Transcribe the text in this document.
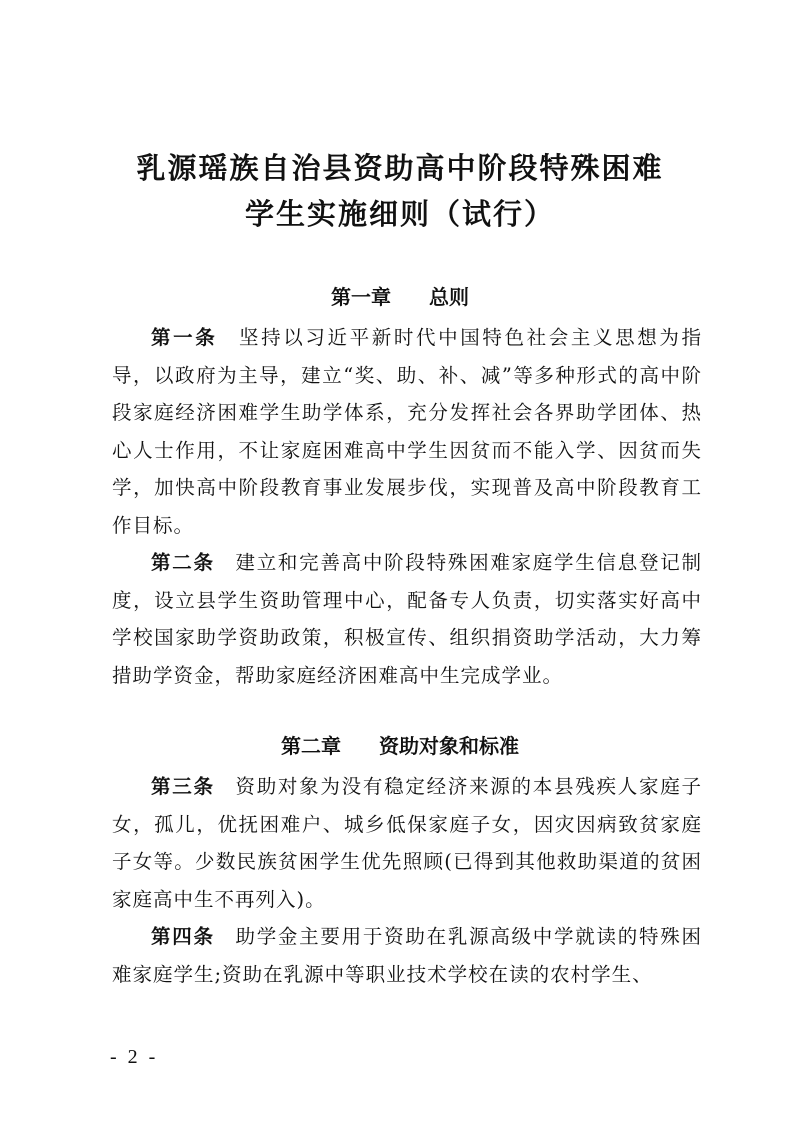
乳源瑶族自治县资助高中阶段特殊困难
学生实施细则（试行）
第一章 总则
第一条 坚持以习近平新时代中国特色社会主义思想为指导，以政府为主导，建立“奖、助、补、减”等多种形式的高中阶段家庭经济困难学生助学体系，充分发挥社会各界助学团体、热心人士作用，不让家庭困难高中学生因贫而不能入学、因贫而失学，加快高中阶段教育事业发展步伐，实现普及高中阶段教育工作目标。
第二条 建立和完善高中阶段特殊困难家庭学生信息登记制度，设立县学生资助管理中心，配备专人负责，切实落实好高中学校国家助学资助政策，积极宣传、组织捐资助学活动，大力筹措助学资金，帮助家庭经济困难高中生完成学业。
第二章 资助对象和标准
第三条 资助对象为没有稳定经济来源的本县残疾人家庭子女，孤儿，优抚困难户、城乡低保家庭子女，因灾因病致贫家庭子女等。少数民族贫困学生优先照顾(已得到其他救助渠道的贫困家庭高中生不再列入)。
第四条 助学金主要用于资助在乳源高级中学就读的特殊困难家庭学生;资助在乳源中等职业技术学校在读的农村学生、
- 2 -
